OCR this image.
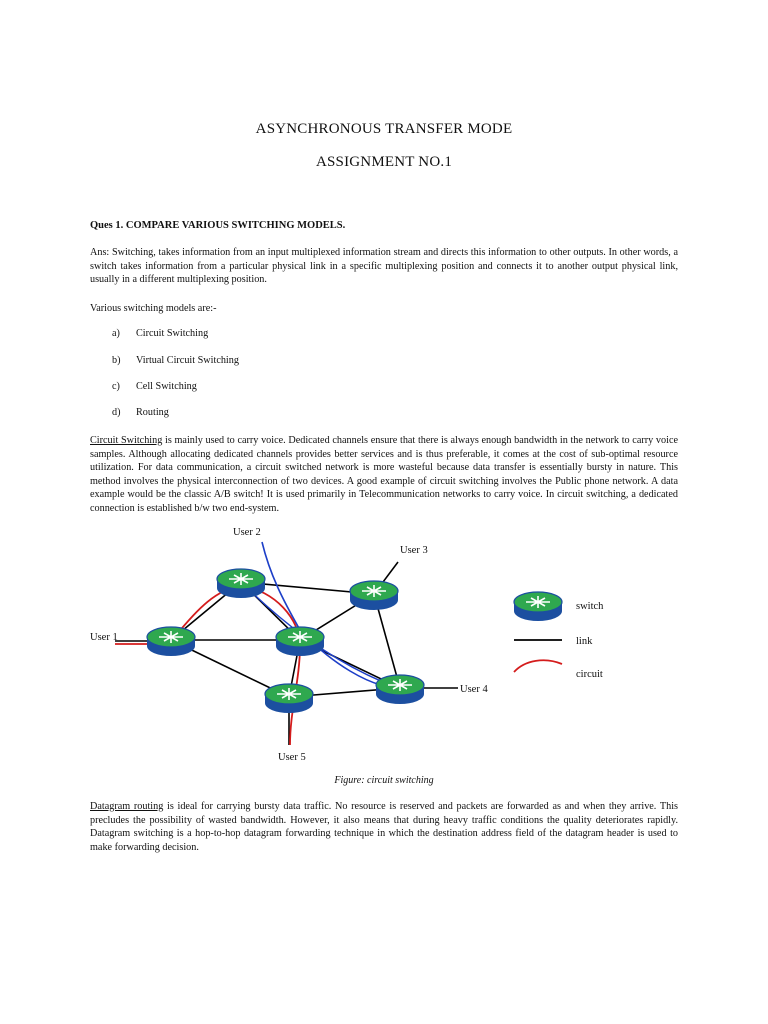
ASYNCHRONOUS TRANSFER MODE
ASSIGNMENT NO.1
Ques 1. COMPARE VARIOUS SWITCHING MODELS.
Ans: Switching, takes information from an input multiplexed information stream and directs this information to other outputs. In other words, a switch takes information from a particular physical link in a specific multiplexing position and connects it to another output physical link, usually in a different multiplexing position.
Various switching models are:-
a) Circuit Switching
b) Virtual Circuit Switching
c) Cell Switching
d) Routing
Circuit Switching is mainly used to carry voice. Dedicated channels ensure that there is always enough bandwidth in the network to carry voice samples. Although allocating dedicated channels provides better services and is thus preferable, it comes at the cost of sub-optimal resource utilization. For data communication, a circuit switched network is more wasteful because data transfer is essentially bursty in nature. This method involves the physical interconnection of two devices. A good example of circuit switching involves the Public phone network. A data example would be the classic A/B switch! It is used primarily in Telecommunication networks to carry voice. In circuit switching, a dedicated connection is established b/w two end-system.
User 1
User 2
User 3
User 4
User 5
switch
link
circuit
Figure: circuit switching
Datagram routing is ideal for carrying bursty data traffic. No resource is reserved and packets are forwarded as and when they arrive. This precludes the possibility of wasted bandwidth. However, it also means that during heavy traffic conditions the quality deteriorates rapidly. Datagram switching is a hop-to-hop datagram forwarding technique in which the destination address field of the datagram header is used to make forwarding decision.
